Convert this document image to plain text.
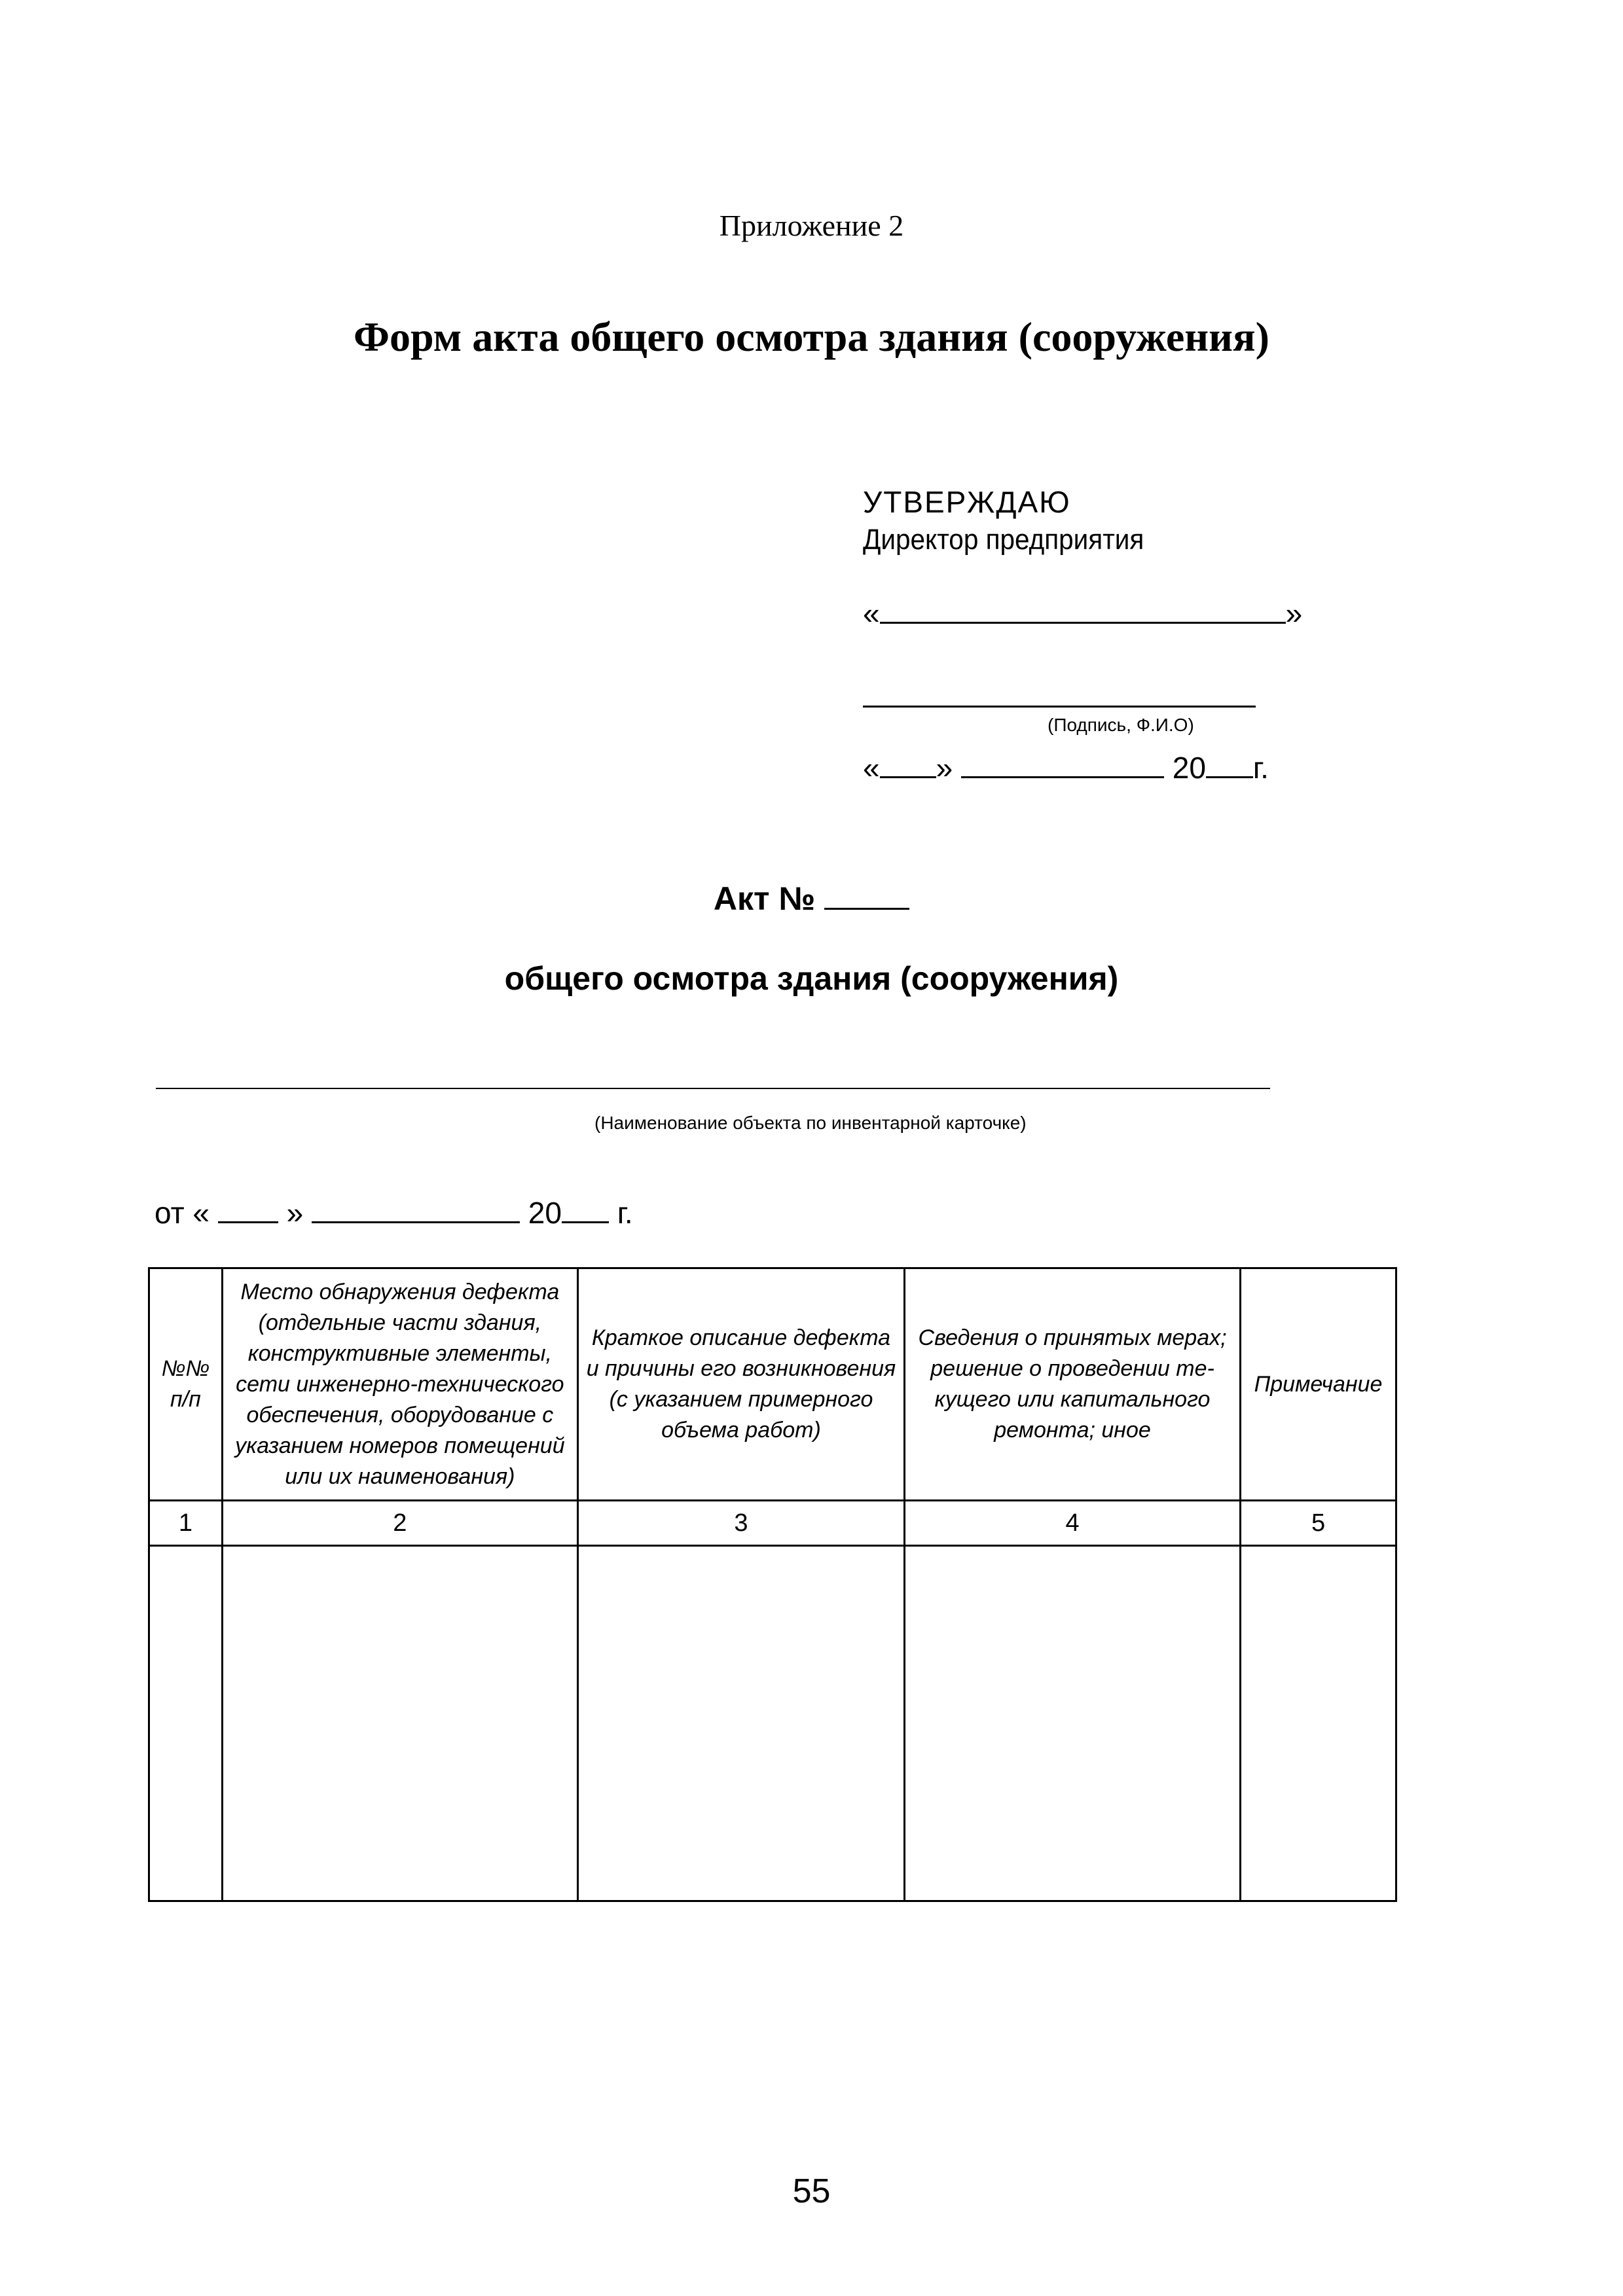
Приложение 2
Форм акта общего осмотра здания (сооружения)
УТВЕРЖДАЮ
Директор предприятия
«	»
(Подпись, Ф.И.О)
« »	20 г.
Акт №
общего осмотра здания (сооружения)
(Наименование объекта по инвентарной карточке)
от «	»	20 г.
№№ п/п	Место обнаружения дефекта (отдельные части здания, конструктивные элементы, сети инженерно-технического обеспечения, оборудование с указанием номеров помещений или их наименования)	Краткое описание дефекта и причины его возникновения (с указанием примерного объема работ)	Сведения о принятых мерах; решение о проведении те-кущего или капитального ремонта; иное	Примечание
1	2	3	4	5

55
